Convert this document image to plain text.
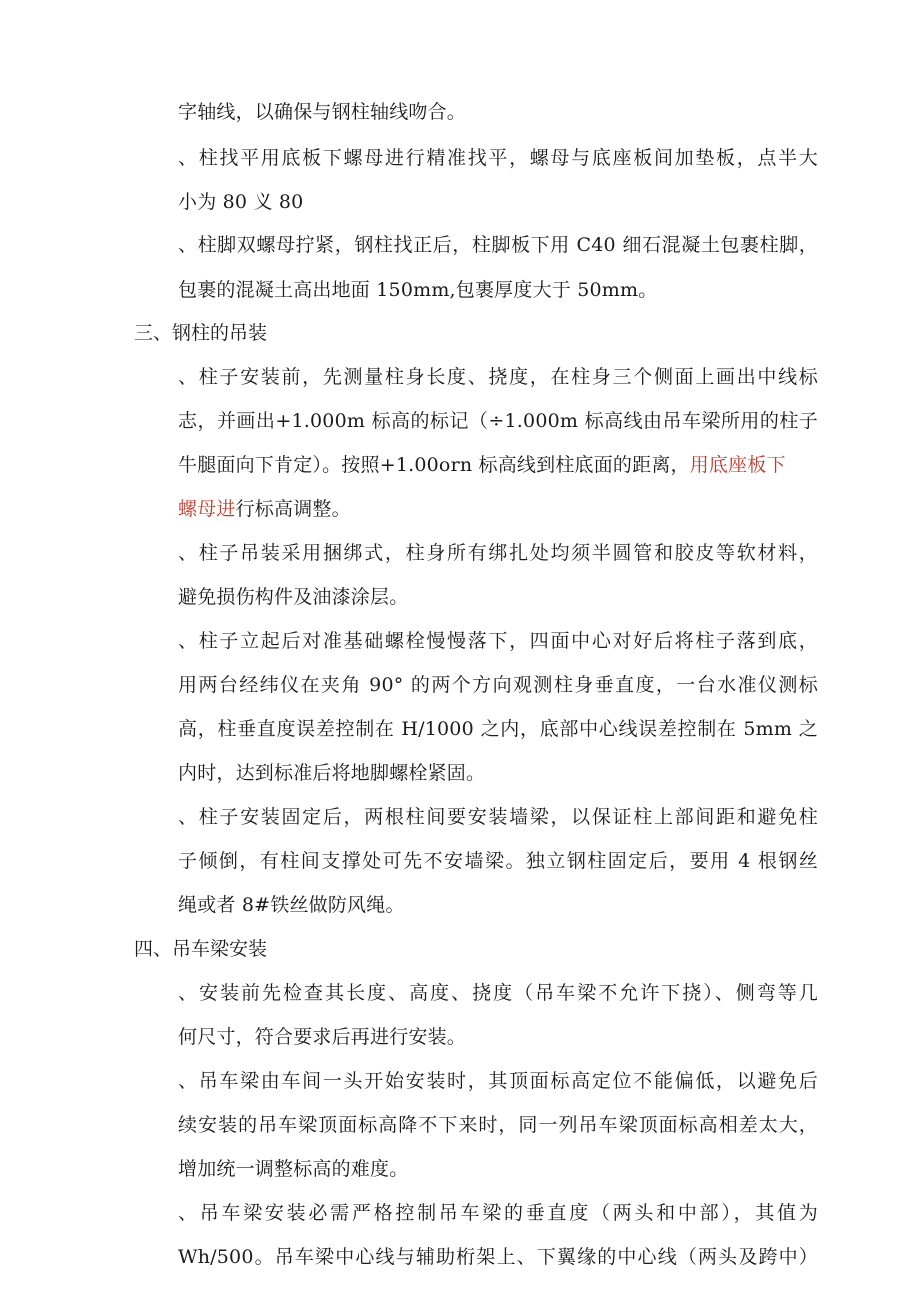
字轴线，以确保与钢柱轴线吻合。
、柱找平用底板下螺母进行精准找平，螺母与底座板间加垫板，点半大
小为 80 义 80
、柱脚双螺母拧紧，钢柱找正后，柱脚板下用 C40 细石混凝土包裹柱脚，
包裹的混凝土高出地面 150mm,包裹厚度大于 50mm。
三、钢柱的吊装
、柱子安装前，先测量柱身长度、挠度，在柱身三个侧面上画出中线标
志，并画出+1.000m 标高的标记（÷1.000m 标高线由吊车梁所用的柱子
牛腿面向下肯定）。按照+1.00orn 标高线到柱底面的距离，用底座板下
螺母进行标高调整。
、柱子吊装采用捆绑式，柱身所有绑扎处均须半圆管和胶皮等软材料，
避免损伤构件及油漆涂层。
、柱子立起后对准基础螺栓慢慢落下，四面中心对好后将柱子落到底，
用两台经纬仪在夹角 90° 的两个方向观测柱身垂直度，一台水准仪测标
高，柱垂直度误差控制在 H/1000 之内，底部中心线误差控制在 5mm 之
内时，达到标准后将地脚螺栓紧固。
、柱子安装固定后，两根柱间要安装墙梁，以保证柱上部间距和避免柱
子倾倒，有柱间支撑处可先不安墙梁。独立钢柱固定后，要用 4 根钢丝
绳或者 8#铁丝做防风绳。
四、吊车梁安装
、安装前先检查其长度、高度、挠度（吊车梁不允许下挠）、侧弯等几
何尺寸，符合要求后再进行安装。
、吊车梁由车间一头开始安装时，其顶面标高定位不能偏低，以避免后
续安装的吊车梁顶面标高降不下来时，同一列吊车梁顶面标高相差太大，
增加统一调整标高的难度。
、吊车梁安装必需严格控制吊车梁的垂直度（两头和中部），其值为
Wh/500。吊车梁中心线与辅助桁架上、下翼缘的中心线（两头及跨中）
